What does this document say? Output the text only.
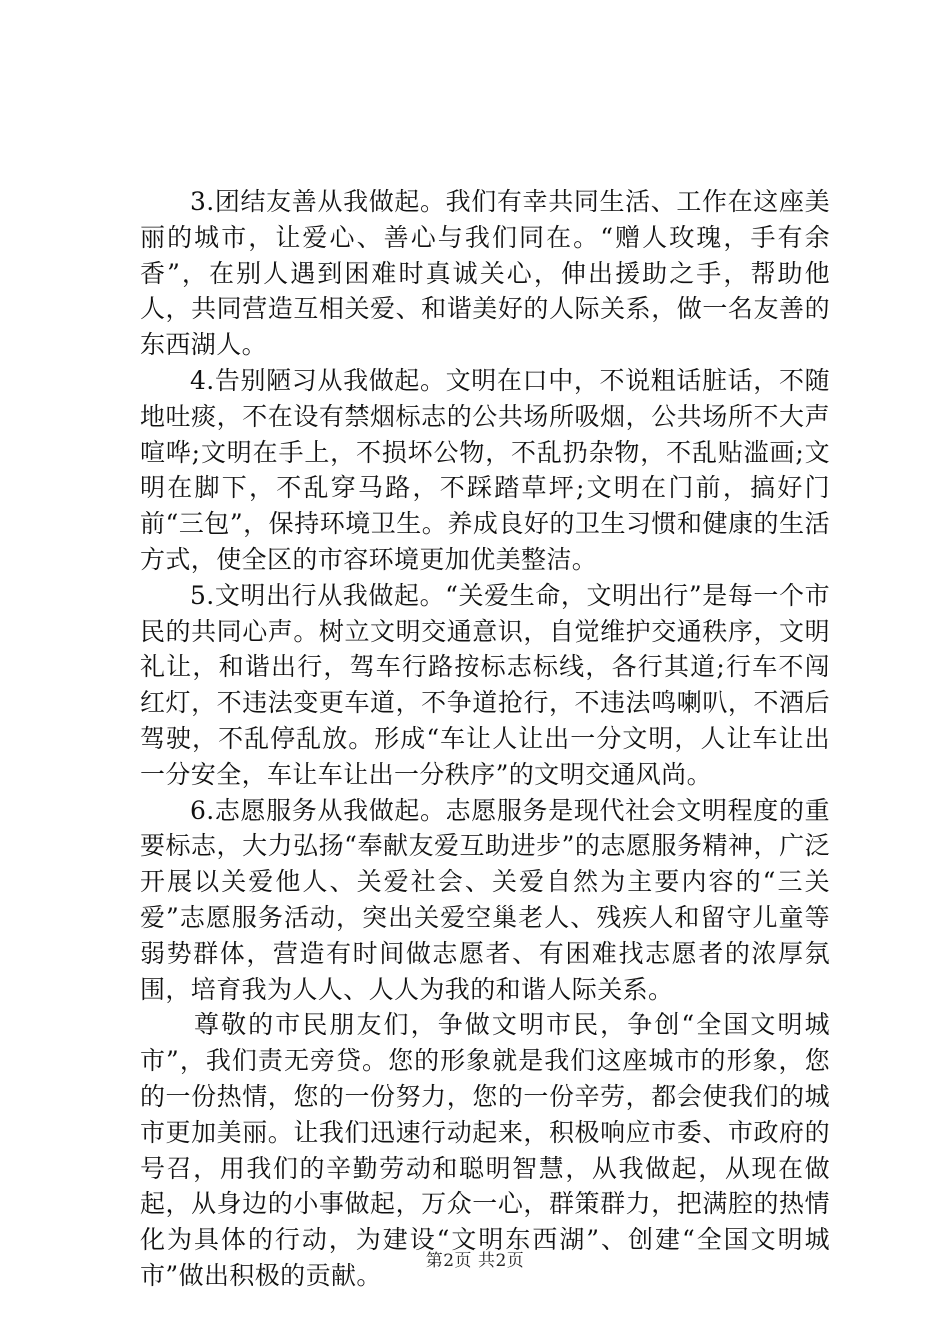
3.团结友善从我做起。我们有幸共同生活、工作在这座美丽的城市，让爱心、善心与我们同在。“赠人玫瑰，手有余香”，在别人遇到困难时真诚关心，伸出援助之手，帮助他人，共同营造互相关爱、和谐美好的人际关系，做一名友善的东西湖人。

4.告别陋习从我做起。文明在口中，不说粗话脏话，不随地吐痰，不在设有禁烟标志的公共场所吸烟，公共场所不大声喧哗;文明在手上，不损坏公物，不乱扔杂物，不乱贴滥画;文明在脚下，不乱穿马路，不踩踏草坪;文明在门前，搞好门前“三包”，保持环境卫生。养成良好的卫生习惯和健康的生活方式，使全区的市容环境更加优美整洁。

5.文明出行从我做起。“关爱生命，文明出行”是每一个市民的共同心声。树立文明交通意识，自觉维护交通秩序，文明礼让，和谐出行，驾车行路按标志标线，各行其道;行车不闯红灯，不违法变更车道，不争道抢行，不违法鸣喇叭，不酒后驾驶，不乱停乱放。形成“车让人让出一分文明，人让车让出一分安全，车让车让出一分秩序”的文明交通风尚。

6.志愿服务从我做起。志愿服务是现代社会文明程度的重要标志，大力弘扬“奉献友爱互助进步”的志愿服务精神，广泛开展以关爱他人、关爱社会、关爱自然为主要内容的“三关爱”志愿服务活动，突出关爱空巢老人、残疾人和留守儿童等弱势群体，营造有时间做志愿者、有困难找志愿者的浓厚氛围，培育我为人人、人人为我的和谐人际关系。

尊敬的市民朋友们，争做文明市民，争创“全国文明城市”，我们责无旁贷。您的形象就是我们这座城市的形象，您的一份热情，您的一份努力，您的一份辛劳，都会使我们的城市更加美丽。让我们迅速行动起来，积极响应市委、市政府的号召，用我们的辛勤劳动和聪明智慧，从我做起，从现在做起，从身边的小事做起，万众一心，群策群力，把满腔的热情化为具体的行动，为建设“文明东西湖”、创建“全国文明城市”做出积极的贡献。	第2页 共2页
